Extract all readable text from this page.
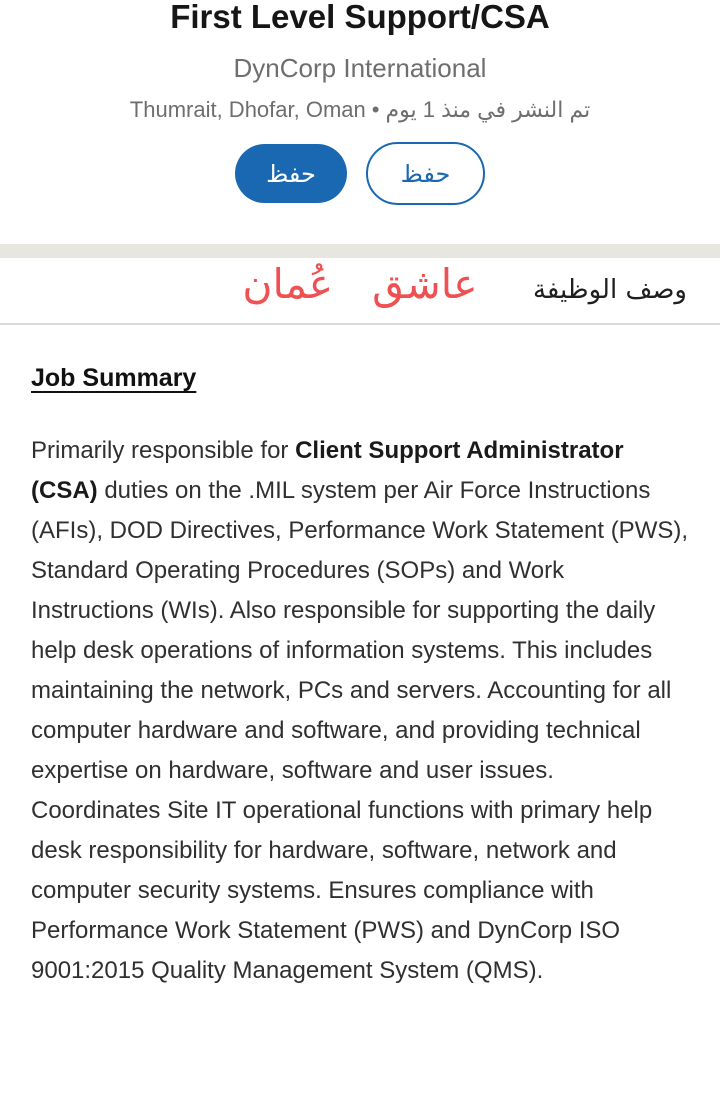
First Level Support/CSA
DynCorp International
تم النشر في منذ 1 يوم•Thumrait, Dhofar, Oman
حفظ	حفظ
عاشق عُمان وصف الوظيفة
Job Summary

Primarily responsible for Client Support Administrator (CSA) duties on the .MIL system per Air Force Instructions (AFIs), DOD Directives, Performance Work Statement (PWS), Standard Operating Procedures (SOPs) and Work Instructions (WIs). Also responsible for supporting the daily help desk operations of information systems. This includes maintaining the network, PCs and servers. Accounting for all computer hardware and software, and providing technical expertise on hardware, software and user issues. Coordinates Site IT operational functions with primary help desk responsibility for hardware, software, network and computer security systems. Ensures compliance with Performance Work Statement (PWS) and DynCorp ISO 9001:2015 Quality Management System (QMS).
